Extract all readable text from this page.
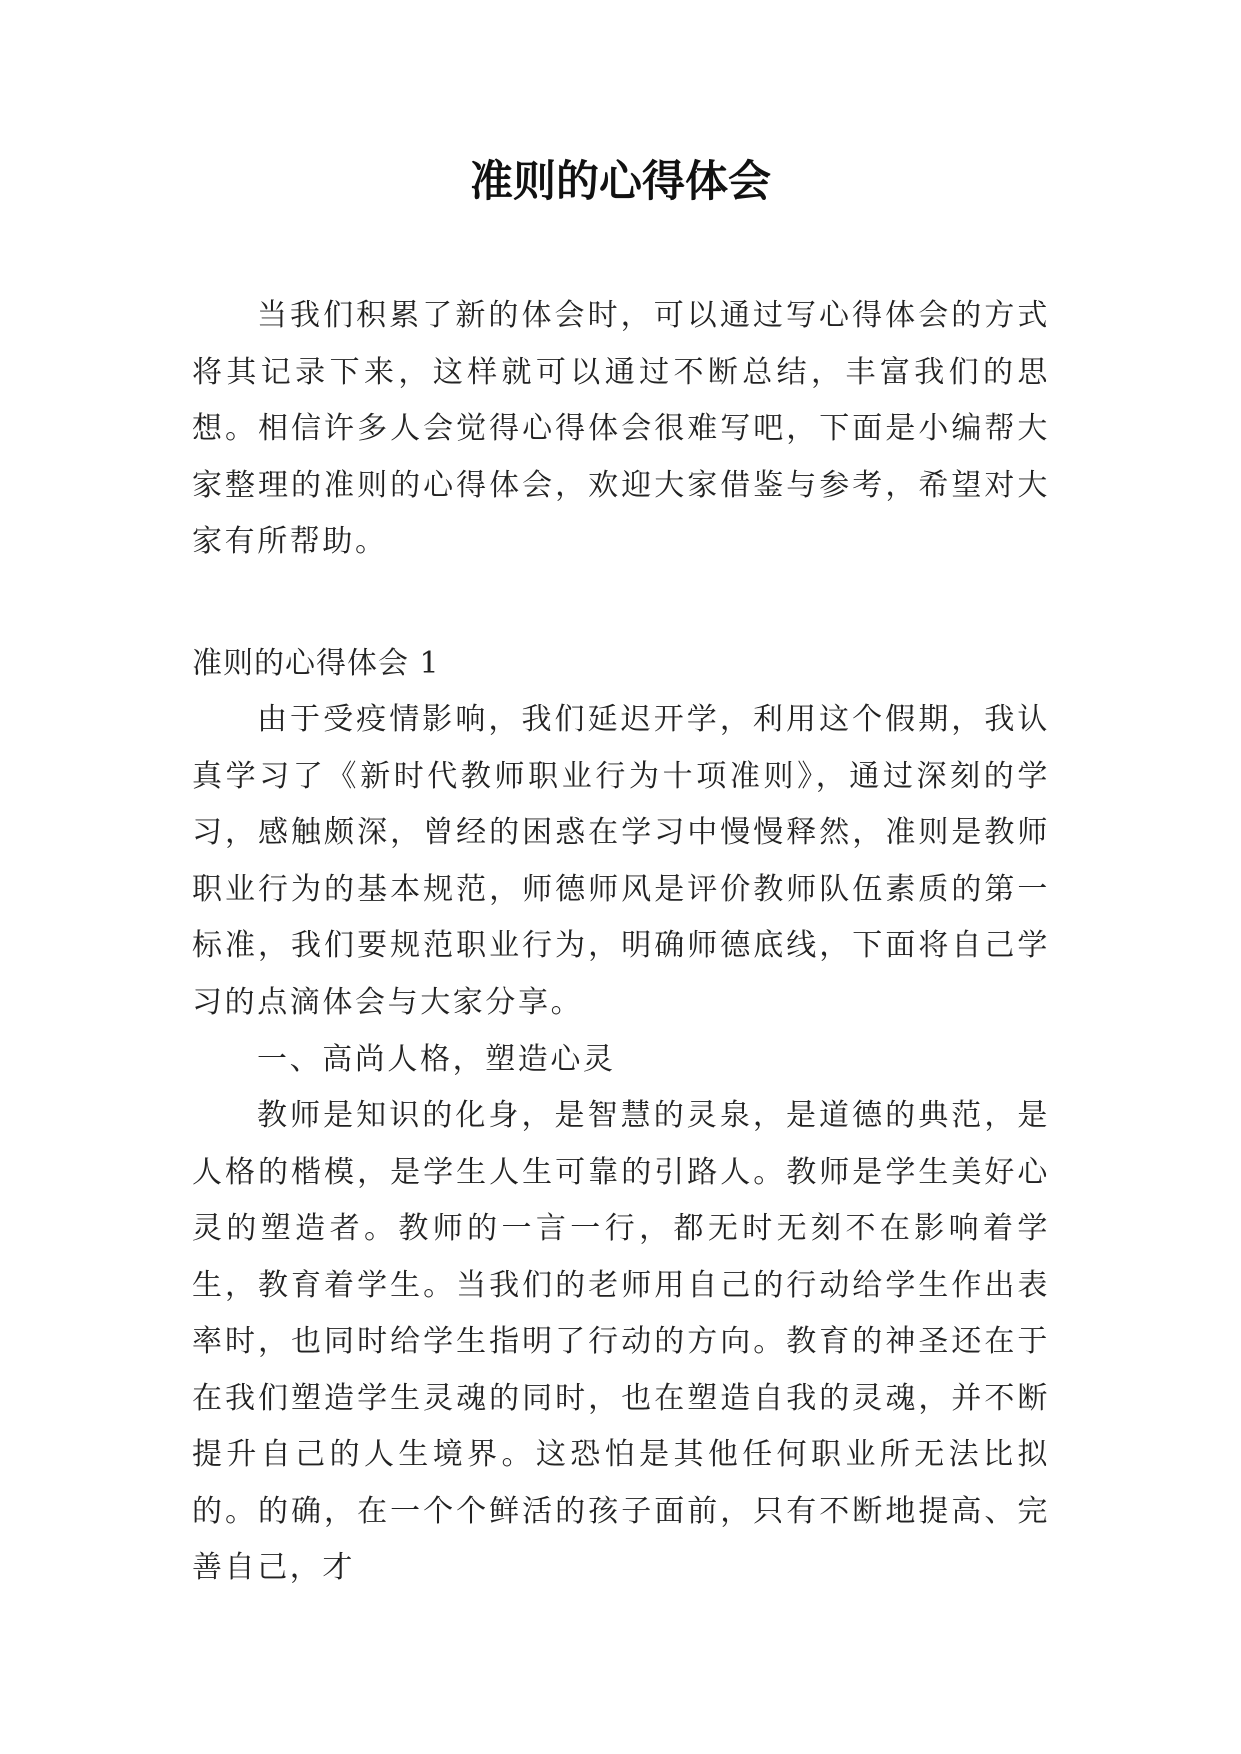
准则的心得体会

当我们积累了新的体会时，可以通过写心得体会的方式将其记录下来，这样就可以通过不断总结，丰富我们的思想。相信许多人会觉得心得体会很难写吧，下面是小编帮大家整理的准则的心得体会，欢迎大家借鉴与参考，希望对大家有所帮助。

准则的心得体会 1

由于受疫情影响，我们延迟开学，利用这个假期，我认真学习了《新时代教师职业行为十项准则》，通过深刻的学习，感触颇深，曾经的困惑在学习中慢慢释然，准则是教师职业行为的基本规范，师德师风是评价教师队伍素质的第一标准，我们要规范职业行为，明确师德底线，下面将自己学习的点滴体会与大家分享。

一、高尚人格，塑造心灵

教师是知识的化身，是智慧的灵泉，是道德的典范，是人格的楷模，是学生人生可靠的引路人。教师是学生美好心灵的塑造者。教师的一言一行，都无时无刻不在影响着学生，教育着学生。当我们的老师用自己的行动给学生作出表率时，也同时给学生指明了行动的方向。教育的神圣还在于在我们塑造学生灵魂的同时，也在塑造自我的灵魂，并不断提升自己的人生境界。这恐怕是其他任何职业所无法比拟的。的确，在一个个鲜活的孩子面前，只有不断地提高、完善自己，才
